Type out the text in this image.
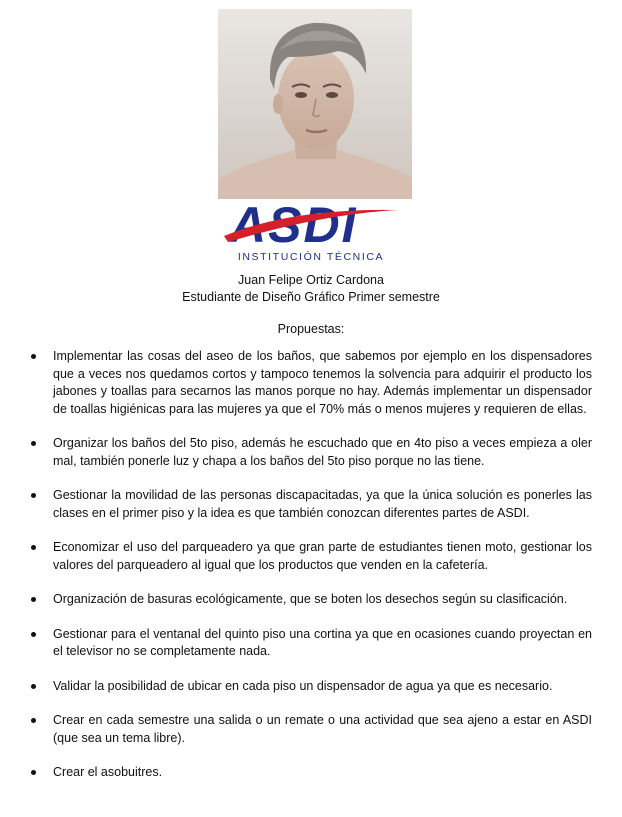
ASDI
INSTITUCIÓN TÉCNICA
Juan Felipe Ortiz Cardona
Estudiante de Diseño Gráfico Primer semestre
Propuestas:
Implementar las cosas del aseo de los baños, que sabemos por ejemplo en los dispensadores que a veces nos quedamos cortos y tampoco tenemos la solvencia para adquirir el producto los jabones y toallas para secarnos las manos porque no hay. Además implementar un dispensador de toallas higiénicas para las mujeres ya que el 70% más o menos mujeres y requieren de ellas.
Organizar los baños del 5to piso, además he escuchado que en 4to piso a veces empieza a oler mal, también ponerle luz y chapa a los baños del 5to piso porque no las tiene.
Gestionar la movilidad de las personas discapacitadas, ya que la única solución es ponerles las clases en el primer piso y la idea es que también conozcan diferentes partes de ASDI.
Economizar el uso del parqueadero ya que gran parte de estudiantes tienen moto, gestionar los valores del parqueadero al igual que los productos que venden en la cafetería.
Organización de basuras ecológicamente, que se boten los desechos según su clasificación.
Gestionar para el ventanal del quinto piso una cortina ya que en ocasiones cuando proyectan en el televisor no se completamente nada.
Validar la posibilidad de ubicar en cada piso un dispensador de agua ya que es necesario.
Crear en cada semestre una salida o un remate o una actividad que sea ajeno a estar en ASDI (que sea un tema libre).
Crear el asobuitres.
